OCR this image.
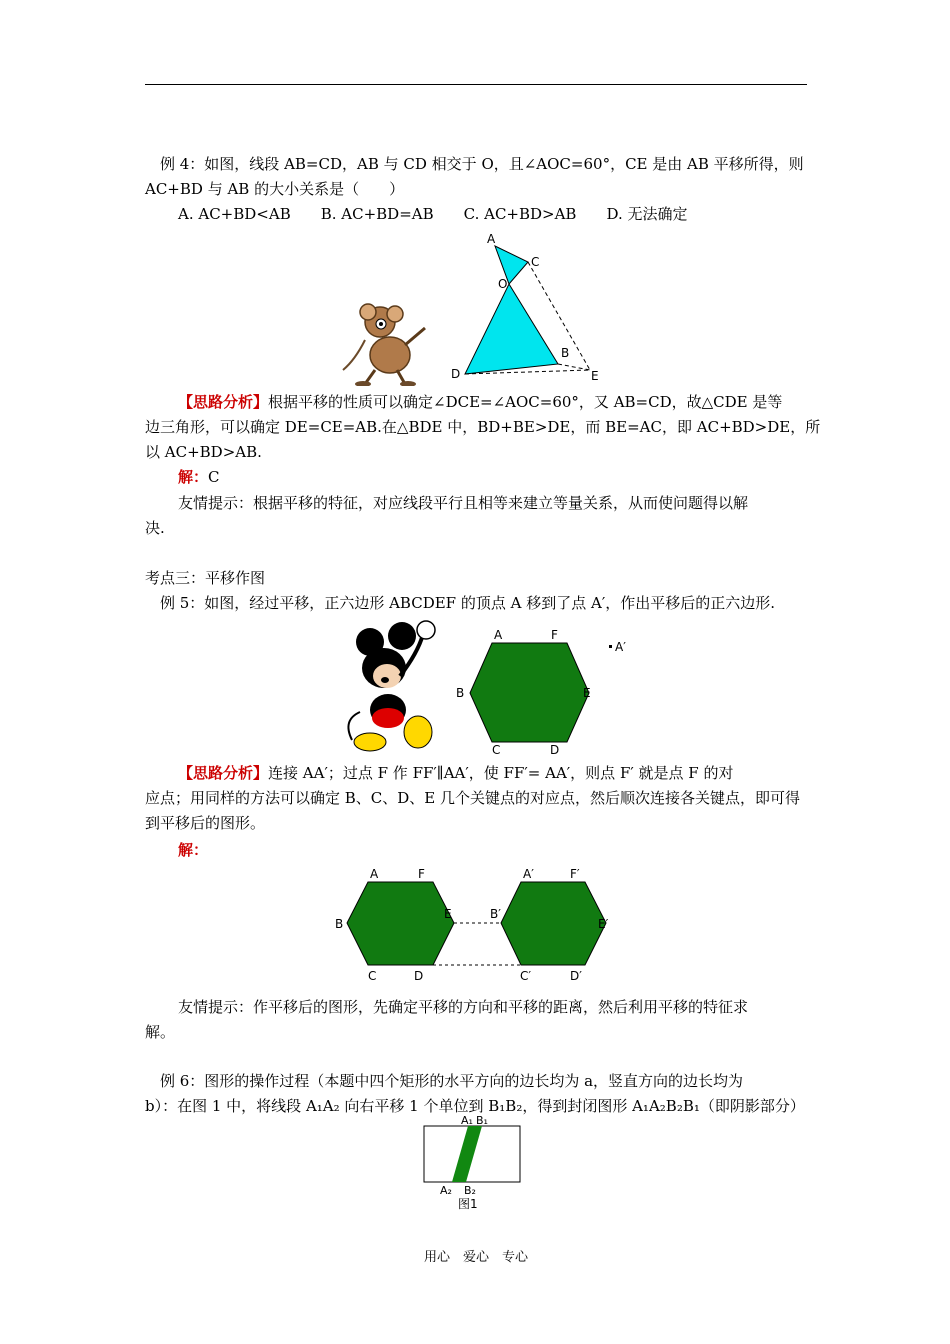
例 4：如图，线段 AB=CD，AB 与 CD 相交于 O，且∠AOC=60°，CE 是由 AB 平移所得，则
AC+BD 与 AB 的大小关系是（　　）
A. AC+BD<AB　　B. AC+BD=AB　　C. AC+BD>AB　　D. 无法确定
A
C
O
B
D	E
【思路分析】根据平移的性质可以确定∠DCE=∠AOC=60°，又 AB=CD，故△CDE 是等
边三角形，可以确定 DE=CE=AB.在△BDE 中，BD+BE>DE，而 BE=AC，即 AC+BD>DE，所
以 AC+BD>AB.
解：C
友情提示：根据平移的特征，对应线段平行且相等来建立等量关系，从而使问题得以解
决.
考点三：平移作图
例 5：如图，经过平移，正六边形 ABCDEF 的顶点 A 移到了点 A′，作出平移后的正六边形.
A	F
B	E
C	D
A′
【思路分析】连接 AA′；过点 F 作 FF′∥AA′，使 FF′= AA′，则点 F′ 就是点 F 的对
应点；用同样的方法可以确定 B、C、D、E 几个关键点的对应点，然后顺次连接各关键点，即可得
到平移后的图形。
解：
A	F
B
E
C	D
A′	F′
B′
E′
C′	D′
友情提示：作平移后的图形，先确定平移的方向和平移的距离，然后利用平移的特征求
解。
例 6：图形的操作过程（本题中四个矩形的水平方向的边长均为 a，竖直方向的边长均为
b）：在图 1 中，将线段 A₁A₂ 向右平移 1 个单位到 B₁B₂，得到封闭图形 A₁A₂B₂B₁（即阴影部分）
A₁ B₁
A₂ B₂
图1
用心　爱心　专心
